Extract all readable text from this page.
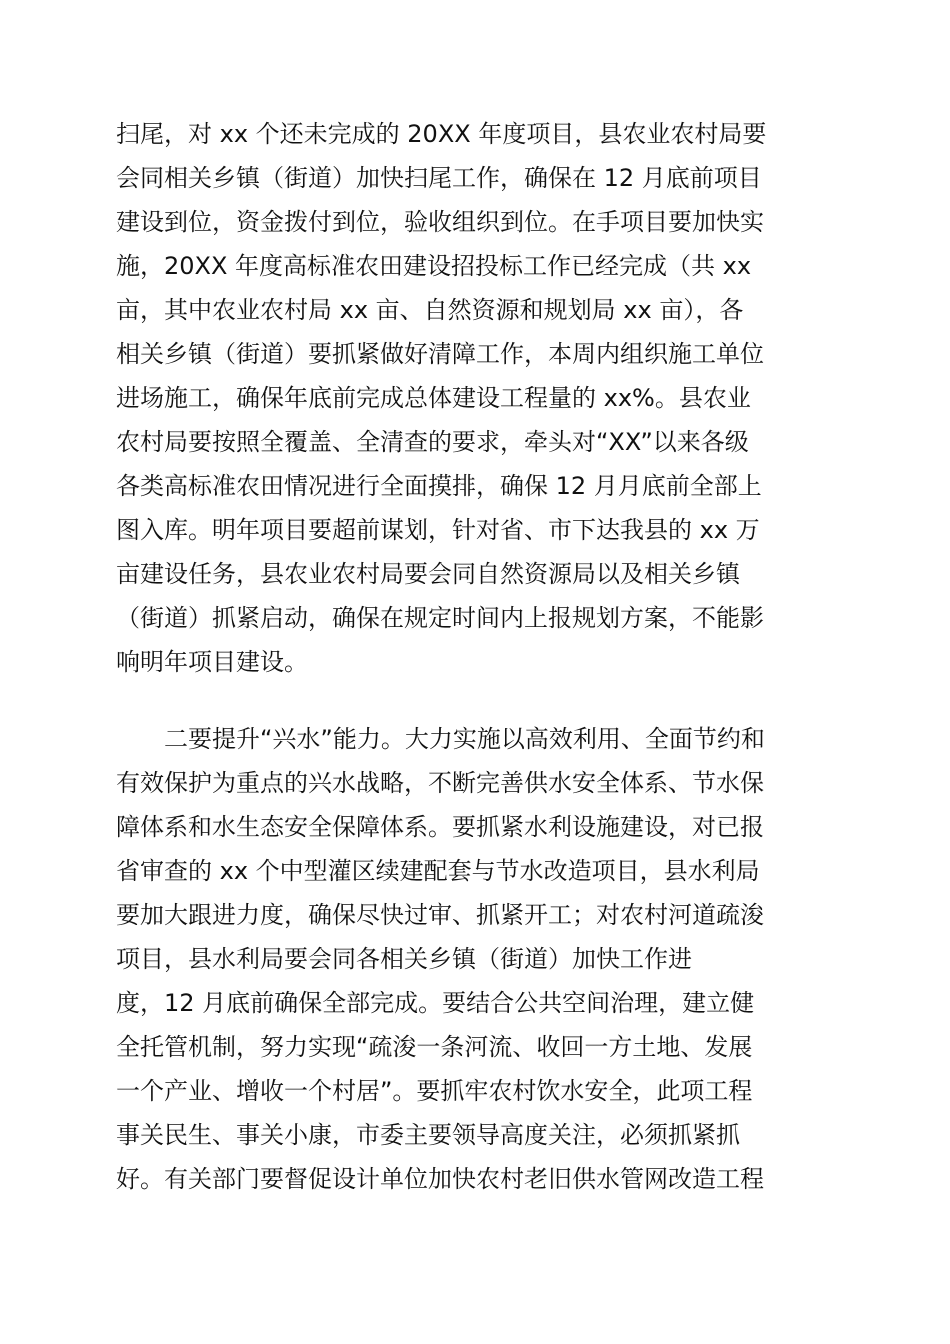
扫尾，对 xx 个还未完成的 20XX 年度项目，县农业农村局要
会同相关乡镇（街道）加快扫尾工作，确保在 12 月底前项目
建设到位，资金拨付到位，验收组织到位。在手项目要加快实
施，20XX 年度高标准农田建设招投标工作已经完成（共 xx
亩，其中农业农村局 xx 亩、自然资源和规划局 xx 亩），各
相关乡镇（街道）要抓紧做好清障工作，本周内组织施工单位
进场施工，确保年底前完成总体建设工程量的 xx%。县农业
农村局要按照全覆盖、全清查的要求，牵头对“XX”以来各级
各类高标准农田情况进行全面摸排，确保 12 月月底前全部上
图入库。明年项目要超前谋划，针对省、市下达我县的 xx 万
亩建设任务，县农业农村局要会同自然资源局以及相关乡镇
（街道）抓紧启动，确保在规定时间内上报规划方案，不能影
响明年项目建设。
二要提升“兴水”能力。大力实施以高效利用、全面节约和
有效保护为重点的兴水战略，不断完善供水安全体系、节水保
障体系和水生态安全保障体系。要抓紧水利设施建设，对已报
省审查的 xx 个中型灌区续建配套与节水改造项目，县水利局
要加大跟进力度，确保尽快过审、抓紧开工；对农村河道疏浚
项目，县水利局要会同各相关乡镇（街道）加快工作进
度，12 月底前确保全部完成。要结合公共空间治理，建立健
全托管机制，努力实现“疏浚一条河流、收回一方土地、发展
一个产业、增收一个村居”。要抓牢农村饮水安全，此项工程
事关民生、事关小康，市委主要领导高度关注，必须抓紧抓
好。有关部门要督促设计单位加快农村老旧供水管网改造工程
